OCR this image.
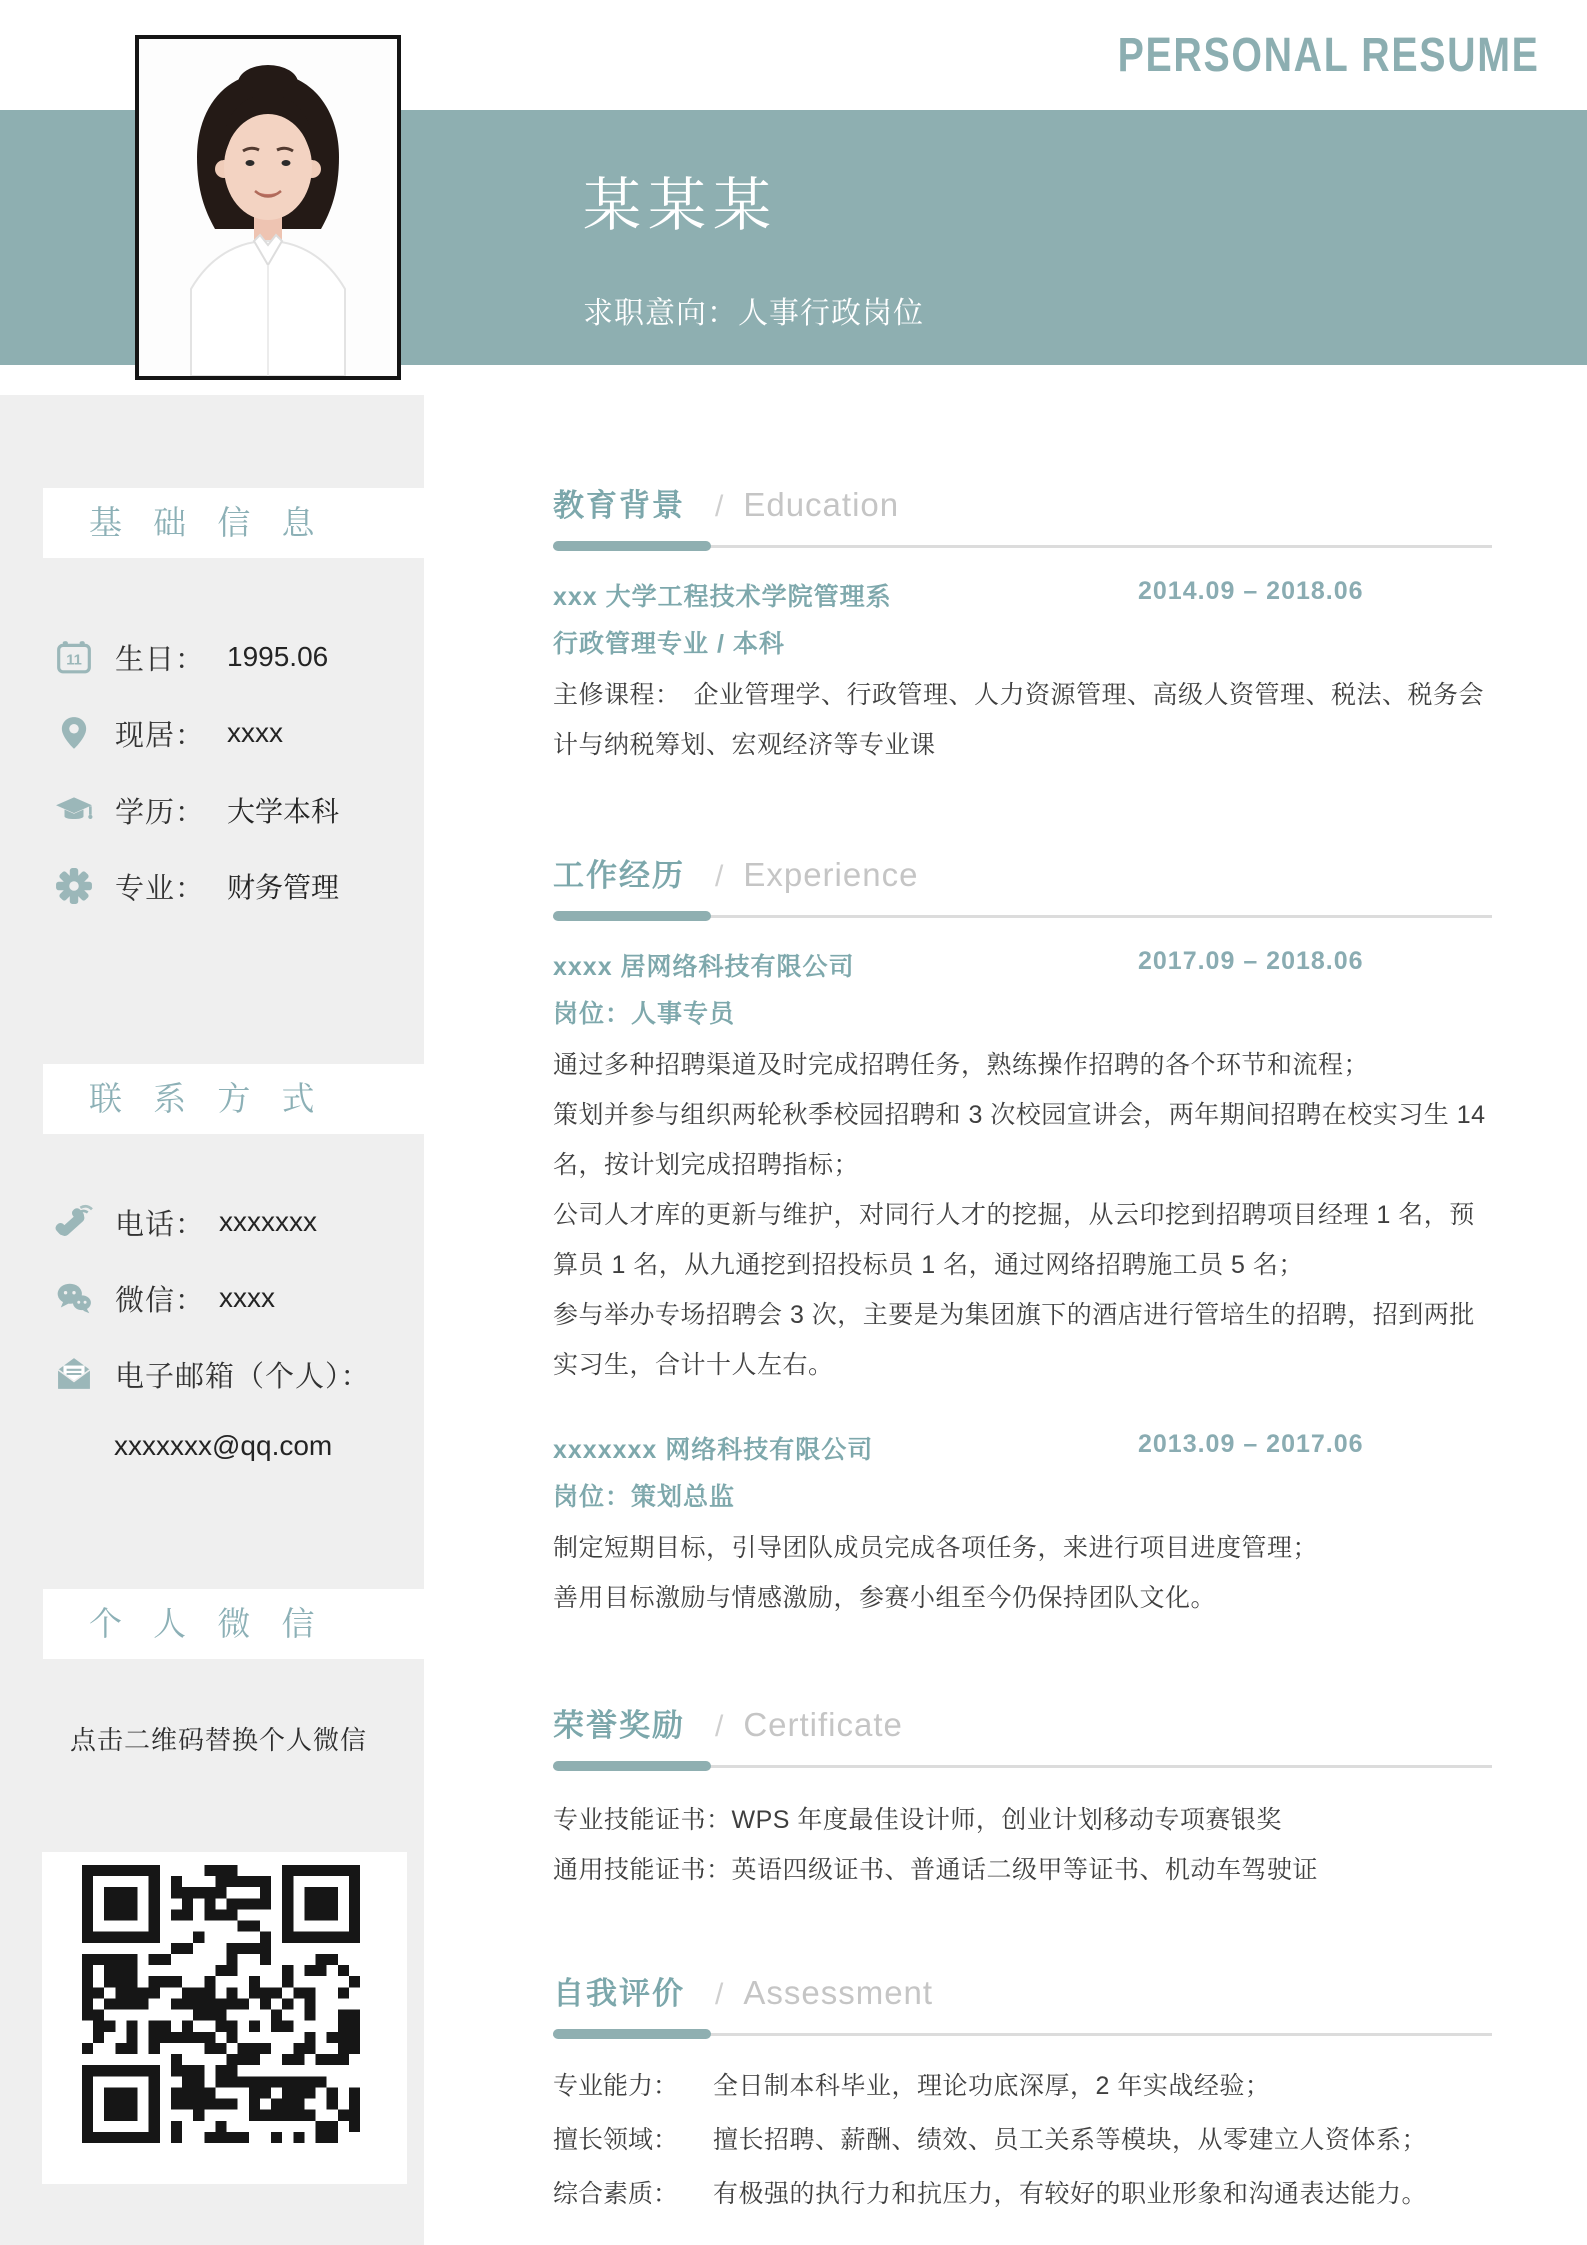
PERSONAL RESUME
某某某
求职意向：人事行政岗位
基 础 信 息
11 生日： 1995.06
现居： xxxx
学历： 大学本科
专业： 财务管理
联 系 方 式
电话： xxxxxxx
微信： xxxx
电子邮箱（个人）：
xxxxxxx@qq.com
个 人 微 信
点击二维码替换个人微信
教育背景 / Education
xxx 大学工程技术学院管理系	2014.09 – 2018.06
行政管理专业 / 本科
主修课程：　企业管理学、行政管理、人力资源管理、高级人资管理、税法、税务会计与纳税筹划、宏观经济等专业课
工作经历 / Experience
xxxx 居网络科技有限公司	2017.09 – 2018.06
岗位：人事专员

通过多种招聘渠道及时完成招聘任务，熟练操作招聘的各个环节和流程；

策划并参与组织两轮秋季校园招聘和 3 次校园宣讲会，两年期间招聘在校实习生 14 名，按计划完成招聘指标；

公司人才库的更新与维护，对同行人才的挖掘，从云印挖到招聘项目经理 1 名，预算员 1 名，从九通挖到招投标员 1 名，通过网络招聘施工员 5 名；

参与举办专场招聘会 3 次，主要是为集团旗下的酒店进行管培生的招聘，招到两批实习生，合计十人左右。

xxxxxxx 网络科技有限公司	2013.09 – 2017.06
岗位：策划总监

制定短期目标，引导团队成员完成各项任务，来进行项目进度管理；

善用目标激励与情感激励，参赛小组至今仍保持团队文化。

荣誉奖励 / Certificate

专业技能证书：WPS 年度最佳设计师，创业计划移动专项赛银奖

通用技能证书：英语四级证书、普通话二级甲等证书、机动车驾驶证

自我评价 / Assessment
专业能力：	全日制本科毕业，理论功底深厚，2 年实战经验；
擅长领域：	擅长招聘、薪酬、绩效、员工关系等模块，从零建立人资体系；
综合素质：	有极强的执行力和抗压力，有较好的职业形象和沟通表达能力。
